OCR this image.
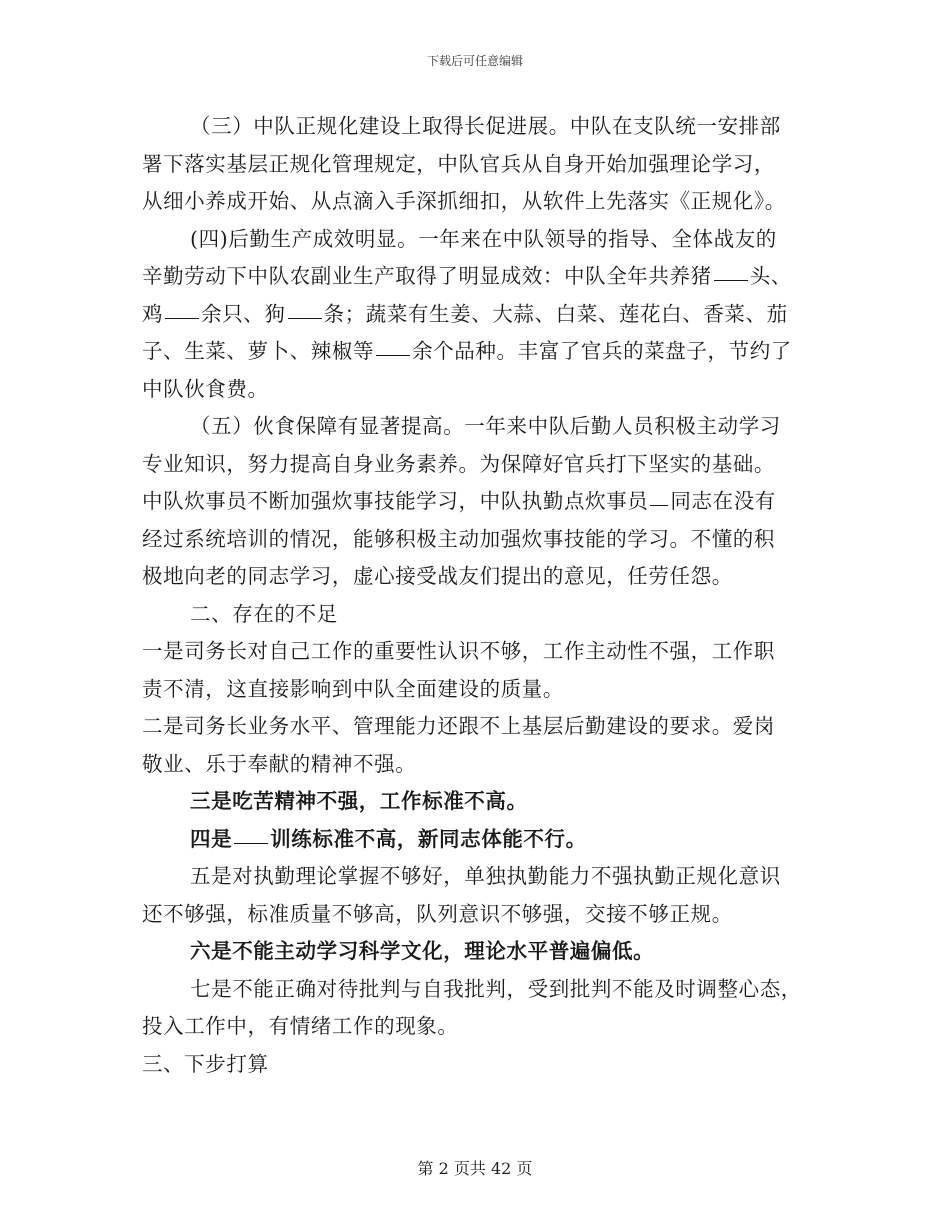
下载后可任意编辑
（三）中队正规化建设上取得长促进展。中队在支队统一安排部
署下落实基层正规化管理规定，中队官兵从自身开始加强理论学习，
从细小养成开始、从点滴入手深抓细扣，从软件上先落实《正规化》。
(四)后勤生产成效明显。一年来在中队领导的指导、全体战友的
辛勤劳动下中队农副业生产取得了明显成效：中队全年共养猪 头、
鸡 余只、狗 条；蔬菜有生姜、大蒜、白菜、莲花白、香菜、茄
子、生菜、萝卜、辣椒等 余个品种。丰富了官兵的菜盘子，节约了
中队伙食费。
（五）伙食保障有显著提高。一年来中队后勤人员积极主动学习
专业知识，努力提高自身业务素养。为保障好官兵打下坚实的基础。
中队炊事员不断加强炊事技能学习，中队执勤点炊事员 同志在没有
经过系统培训的情况，能够积极主动加强炊事技能的学习。不懂的积
极地向老的同志学习，虚心接受战友们提出的意见，任劳任怨。
二、存在的不足
一是司务长对自己工作的重要性认识不够，工作主动性不强，工作职
责不清，这直接影响到中队全面建设的质量。
二是司务长业务水平、管理能力还跟不上基层后勤建设的要求。爱岗
敬业、乐于奉献的精神不强。
三是吃苦精神不强，工作标准不高。
四是 训练标准不高，新同志体能不行。
五是对执勤理论掌握不够好，单独执勤能力不强执勤正规化意识
还不够强，标准质量不够高，队列意识不够强，交接不够正规。
六是不能主动学习科学文化，理论水平普遍偏低。
七是不能正确对待批判与自我批判，受到批判不能及时调整心态，
投入工作中，有情绪工作的现象。
三、下步打算
第 2 页共 42 页
